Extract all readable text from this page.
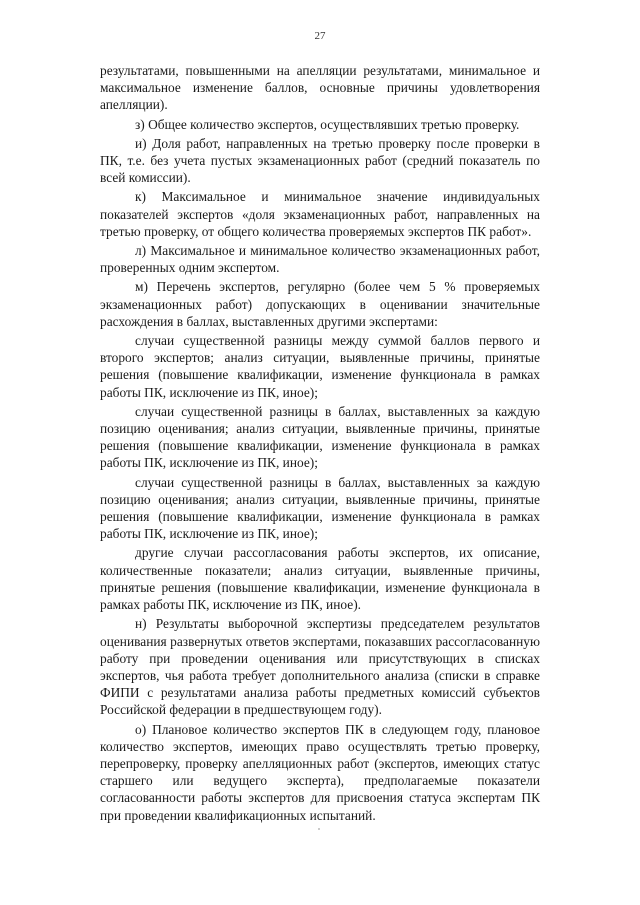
27

результатами, повышенными на апелляции результатами, минимальное и максимальное изменение баллов, основные причины удовлетворения апелляции).

з) Общее количество экспертов, осуществлявших третью проверку.

и) Доля работ, направленных на третью проверку после проверки в ПК, т.е. без учета пустых экзаменационных работ (средний показатель по всей комиссии).

к) Максимальное и минимальное значение индивидуальных показателей экспертов «доля экзаменационных работ, направленных на третью проверку, от общего количества проверяемых экспертов ПК работ».

л) Максимальное и минимальное количество экзаменационных работ, проверенных одним экспертом.

м) Перечень экспертов, регулярно (более чем 5 % проверяемых экзаменационных работ) допускающих в оценивании значительные расхождения в баллах, выставленных другими экспертами:

случаи существенной разницы между суммой баллов первого и второго экспертов; анализ ситуации, выявленные причины, принятые решения (повышение квалификации, изменение функционала в рамках работы ПК, исключение из ПК, иное);

случаи существенной разницы в баллах, выставленных за каждую позицию оценивания; анализ ситуации, выявленные причины, принятые решения (повышение квалификации, изменение функционала в рамках работы ПК, исключение из ПК, иное);

случаи существенной разницы в баллах, выставленных за каждую позицию оценивания; анализ ситуации, выявленные причины, принятые решения (повышение квалификации, изменение функционала в рамках работы ПК, исключение из ПК, иное);

другие случаи рассогласования работы экспертов, их описание, количественные показатели; анализ ситуации, выявленные причины, принятые решения (повышение квалификации, изменение функционала в рамках работы ПК, исключение из ПК, иное).

н) Результаты выборочной экспертизы председателем результатов оценивания развернутых ответов экспертами, показавших рассогласованную работу при проведении оценивания или присутствующих в списках экспертов, чья работа требует дополнительного анализа (списки в справке ФИПИ с результатами анализа работы предметных комиссий субъектов Российской федерации в предшествующем году).

о) Плановое количество экспертов ПК в следующем году, плановое количество экспертов, имеющих право осуществлять третью проверку, перепроверку, проверку апелляционных работ (экспертов, имеющих статус старшего или ведущего эксперта), предполагаемые показатели согласованности работы экспертов для присвоения статуса экспертам ПК при проведении квалификационных испытаний.
